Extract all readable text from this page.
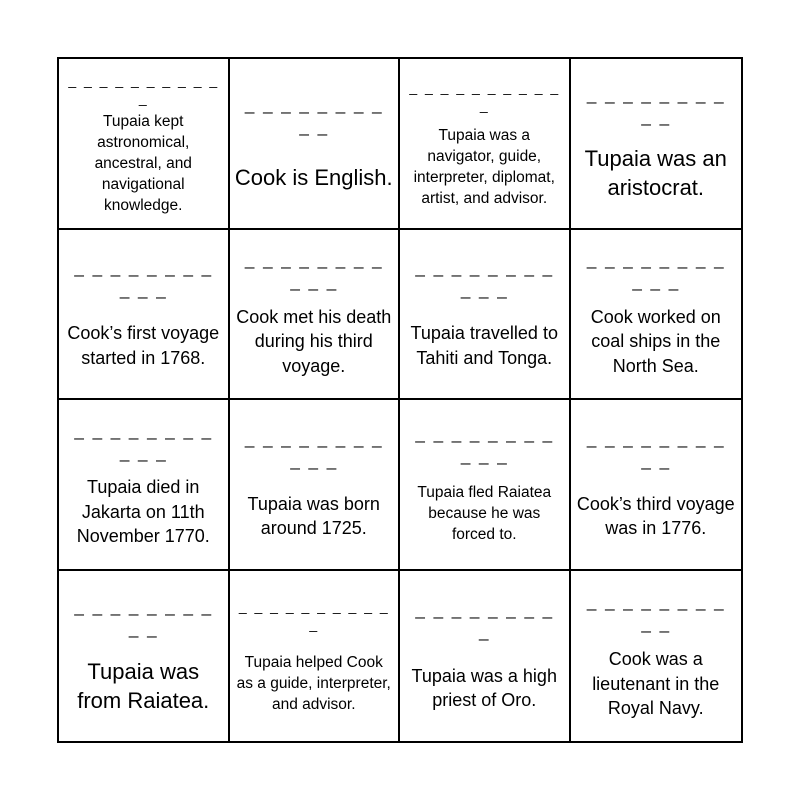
_ _ _ _ _ _ _ _ _ _ _
Tupaia kept astronomical, ancestral, and navigational knowledge.
_ _ _ _ _ _ _ _ _ _
Cook is English.
_ _ _ _ _ _ _ _ _ _ _
Tupaia was a navigator, guide, interpreter, diplomat, artist, and advisor.
_ _ _ _ _ _ _ _ _ _
Tupaia was an aristocrat.
_ _ _ _ _ _ _ _ _ _ _
Cook’s first voyage started in 1768.
_ _ _ _ _ _ _ _ _ _ _
Cook met his death during his third voyage.
_ _ _ _ _ _ _ _ _ _ _
Tupaia travelled to Tahiti and Tonga.
_ _ _ _ _ _ _ _ _ _ _
Cook worked on coal ships in the North Sea.
_ _ _ _ _ _ _ _ _ _ _
Tupaia died in Jakarta on 11th November 1770.
_ _ _ _ _ _ _ _ _ _ _
Tupaia was born around 1725.
_ _ _ _ _ _ _ _ _ _ _
Tupaia fled Raiatea because he was forced to.
_ _ _ _ _ _ _ _ _ _
Cook’s third voyage was in 1776.
_ _ _ _ _ _ _ _ _ _
Tupaia was from Raiatea.
_ _ _ _ _ _ _ _ _ _ _
Tupaia helped Cook as a guide, interpreter, and advisor.
_ _ _ _ _ _ _ _ _
Tupaia was a high priest of Oro.
_ _ _ _ _ _ _ _ _ _
Cook was a lieutenant in the Royal Navy.
